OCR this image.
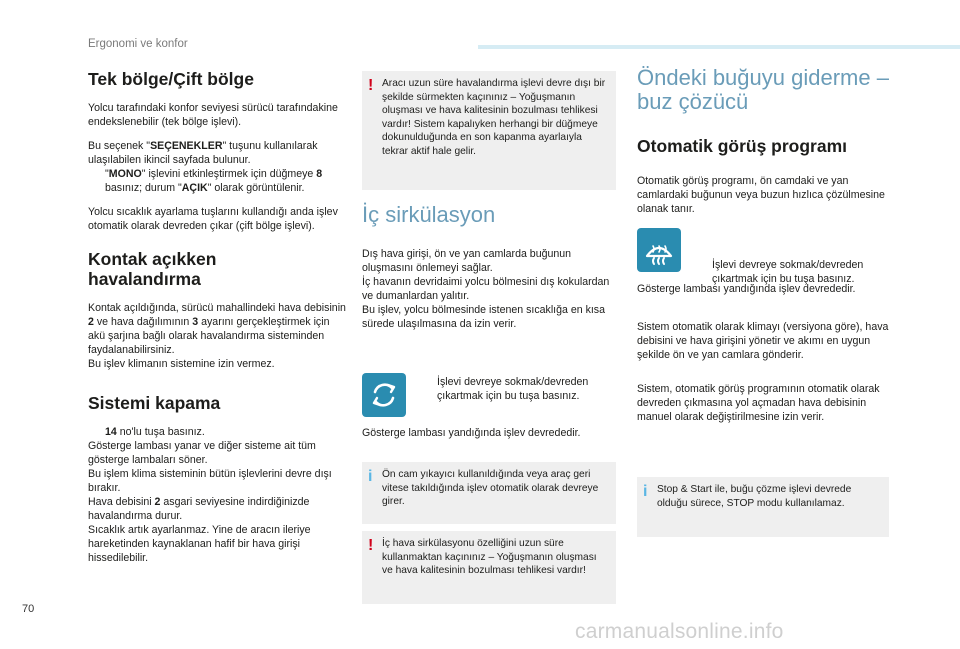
Ergonomi ve konfor
Tek bölge/Çift bölge

Yolcu tarafındaki konfor seviyesi sürücü tarafındakine endekslenebilir (tek bölge işlevi).

Bu seçenek "SEÇENEKLER" tuşunu kullanılarak ulaşılabilen ikincil sayfada bulunur.

"MONO" işlevini etkinleştirmek için düğmeye 8 basınız; durum "AÇIK" olarak görüntülenir.

Yolcu sıcaklık ayarlama tuşlarını kullandığı anda işlev otomatik olarak devreden çıkar (çift bölge işlevi).

Kontak açıkken havalandırma

Kontak açıldığında, sürücü mahallindeki hava debisinin 2 ve hava dağılımının 3 ayarını gerçekleştirmek için akü şarjına bağlı olarak havalandırma sisteminden faydalanabilirsiniz.

Bu işlev klimanın sistemine izin vermez.

Sistemi kapama
14 no'lu tuşa basınız.
Gösterge lambası yanar ve diğer sisteme ait tüm gösterge lambaları söner.
Bu işlem klima sisteminin bütün işlevlerini devre dışı bırakır.
Hava debisini 2 asgari seviyesine indirdiğinizde havalandırma durur.
Sıcaklık artık ayarlanmaz. Yine de aracın ileriye hareketinden kaynaklanan hafif bir hava girişi hissedilebilir.
! Aracı uzun süre havalandırma işlevi devre dışı bir şekilde sürmekten kaçınınız – Yoğuşmanın oluşması ve hava kalitesinin bozulması tehlikesi vardır! Sistem kapalıyken herhangi bir düğmeye dokunulduğunda en son kapanma ayarlaıyla tekrar aktif hale gelir.
İç sirkülasyon
Dış hava girişi, ön ve yan camlarda buğunun oluşmasını önlemeyi sağlar.
İç havanın devridaimi yolcu bölmesini dış kokulardan ve dumanlardan yalıtır.
Bu işlev, yolcu bölmesinde istenen sıcaklığa en kısa sürede ulaşılmasına da izin verir.
İşlevi devreye sokmak/devreden çıkartmak için bu tuşa basınız.
Gösterge lambası yandığında işlev devrededir.
i Ön cam yıkayıcı kullanıldığında veya araç geri vitese takıldığında işlev otomatik olarak devreye girer.
! İç hava sirkülasyonu özelliğini uzun süre kullanmaktan kaçınınız – Yoğuşmanın oluşması ve hava kalitesinin bozulması tehlikesi vardır!
Öndeki buğuyu giderme –
buz çözücü
Otomatik görüş programı
Otomatik görüş programı, ön camdaki ve yan camlardaki buğunun veya buzun hızlıca çözülmesine olanak tanır.
İşlevi devreye sokmak/devreden çıkartmak için bu tuşa basınız.

Gösterge lambası yandığında işlev devrededir.

Sistem otomatik olarak klimayı (versiyona göre), hava debisini ve hava girişini yönetir ve akımı en uygun şekilde ön ve yan camlara gönderir.

Sistem, otomatik görüş programının otomatik olarak devreden çıkmasına yol açmadan hava debisinin manuel olarak değiştirilmesine izin verir.

i Stop & Start ile, buğu çözme işlevi devrede olduğu sürece, STOP modu kullanılamaz.
70
carmanualsonline.info
